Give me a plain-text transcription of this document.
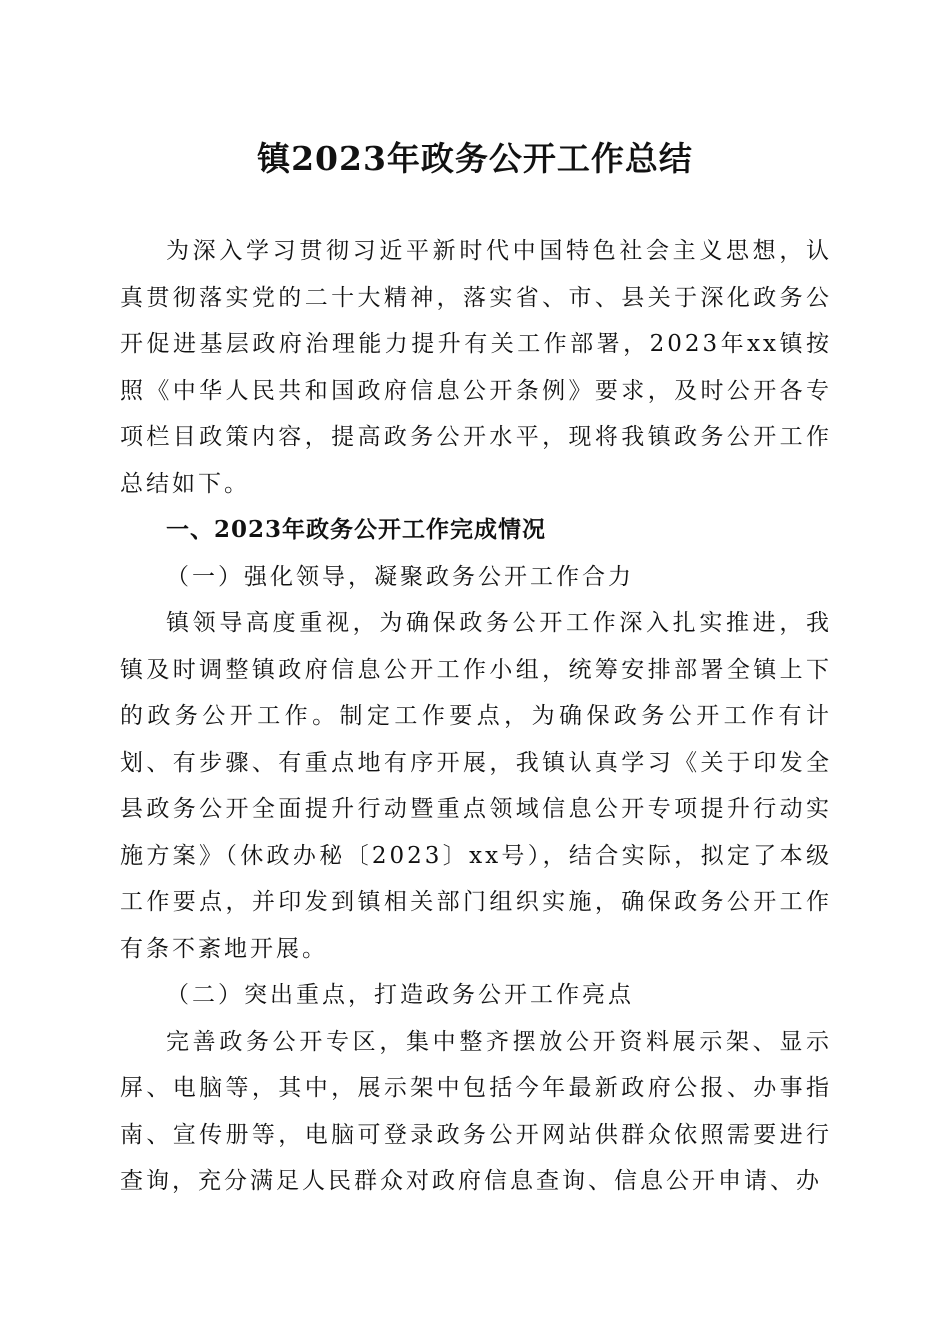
镇2023年政务公开工作总结

为深入学习贯彻习近平新时代中国特色社会主义思想，认真贯彻落实党的二十大精神，落实省、市、县关于深化政务公开促进基层政府治理能力提升有关工作部署，2023年xx镇按照《中华人民共和国政府信息公开条例》要求，及时公开各专项栏目政策内容，提高政务公开水平，现将我镇政务公开工作总结如下。

一、2023年政务公开工作完成情况

（一）强化领导，凝聚政务公开工作合力

镇领导高度重视，为确保政务公开工作深入扎实推进，我镇及时调整镇政府信息公开工作小组，统筹安排部署全镇上下的政务公开工作。制定工作要点，为确保政务公开工作有计划、有步骤、有重点地有序开展，我镇认真学习《关于印发全县政务公开全面提升行动暨重点领域信息公开专项提升行动实施方案》（休政办秘〔2023〕xx号），结合实际，拟定了本级工作要点，并印发到镇相关部门组织实施，确保政务公开工作有条不紊地开展。

（二）突出重点，打造政务公开工作亮点

完善政务公开专区，集中整齐摆放公开资料展示架、显示屏、电脑等，其中，展示架中包括今年最新政府公报、办事指南、宣传册等，电脑可登录政务公开网站供群众依照需要进行查询，充分满足人民群众对政府信息查询、信息公开申请、办
